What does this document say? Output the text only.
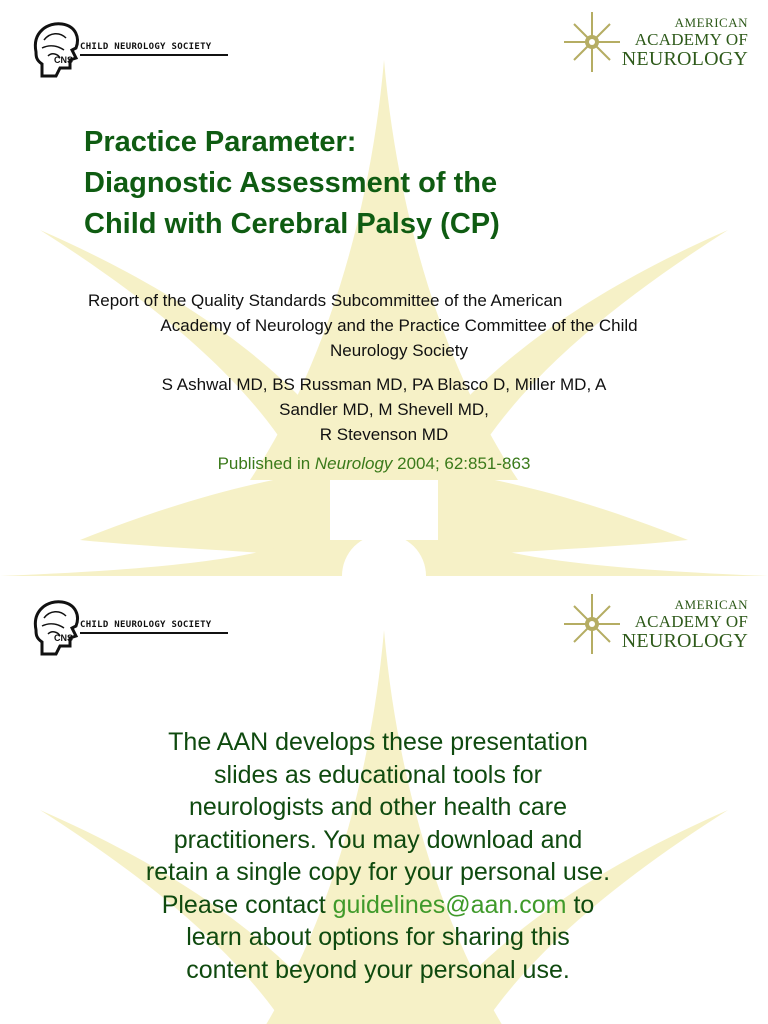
CNS
CHILD NEUROLOGY SOCIETY
AMERICAN
ACADEMY OF
NEUROLOGY
Practice Parameter:
Diagnostic Assessment of the
Child with Cerebral Palsy (CP)
Report of the Quality Standards Subcommittee of the American
Academy of Neurology and the Practice Committee of the Child
Neurology Society
S Ashwal MD, BS Russman MD, PA Blasco D, Miller MD, A
Sandler MD, M Shevell MD,
R Stevenson MD
Published in Neurology 2004; 62:851-863
CNS
CHILD NEUROLOGY SOCIETY
AMERICAN
ACADEMY OF
NEUROLOGY
The AAN develops these presentation
slides as educational tools for
neurologists and other health care
practitioners. You may download and
retain a single copy for your personal use.
Please contact guidelines@aan.com to
learn about options for sharing this
content beyond your personal use.
